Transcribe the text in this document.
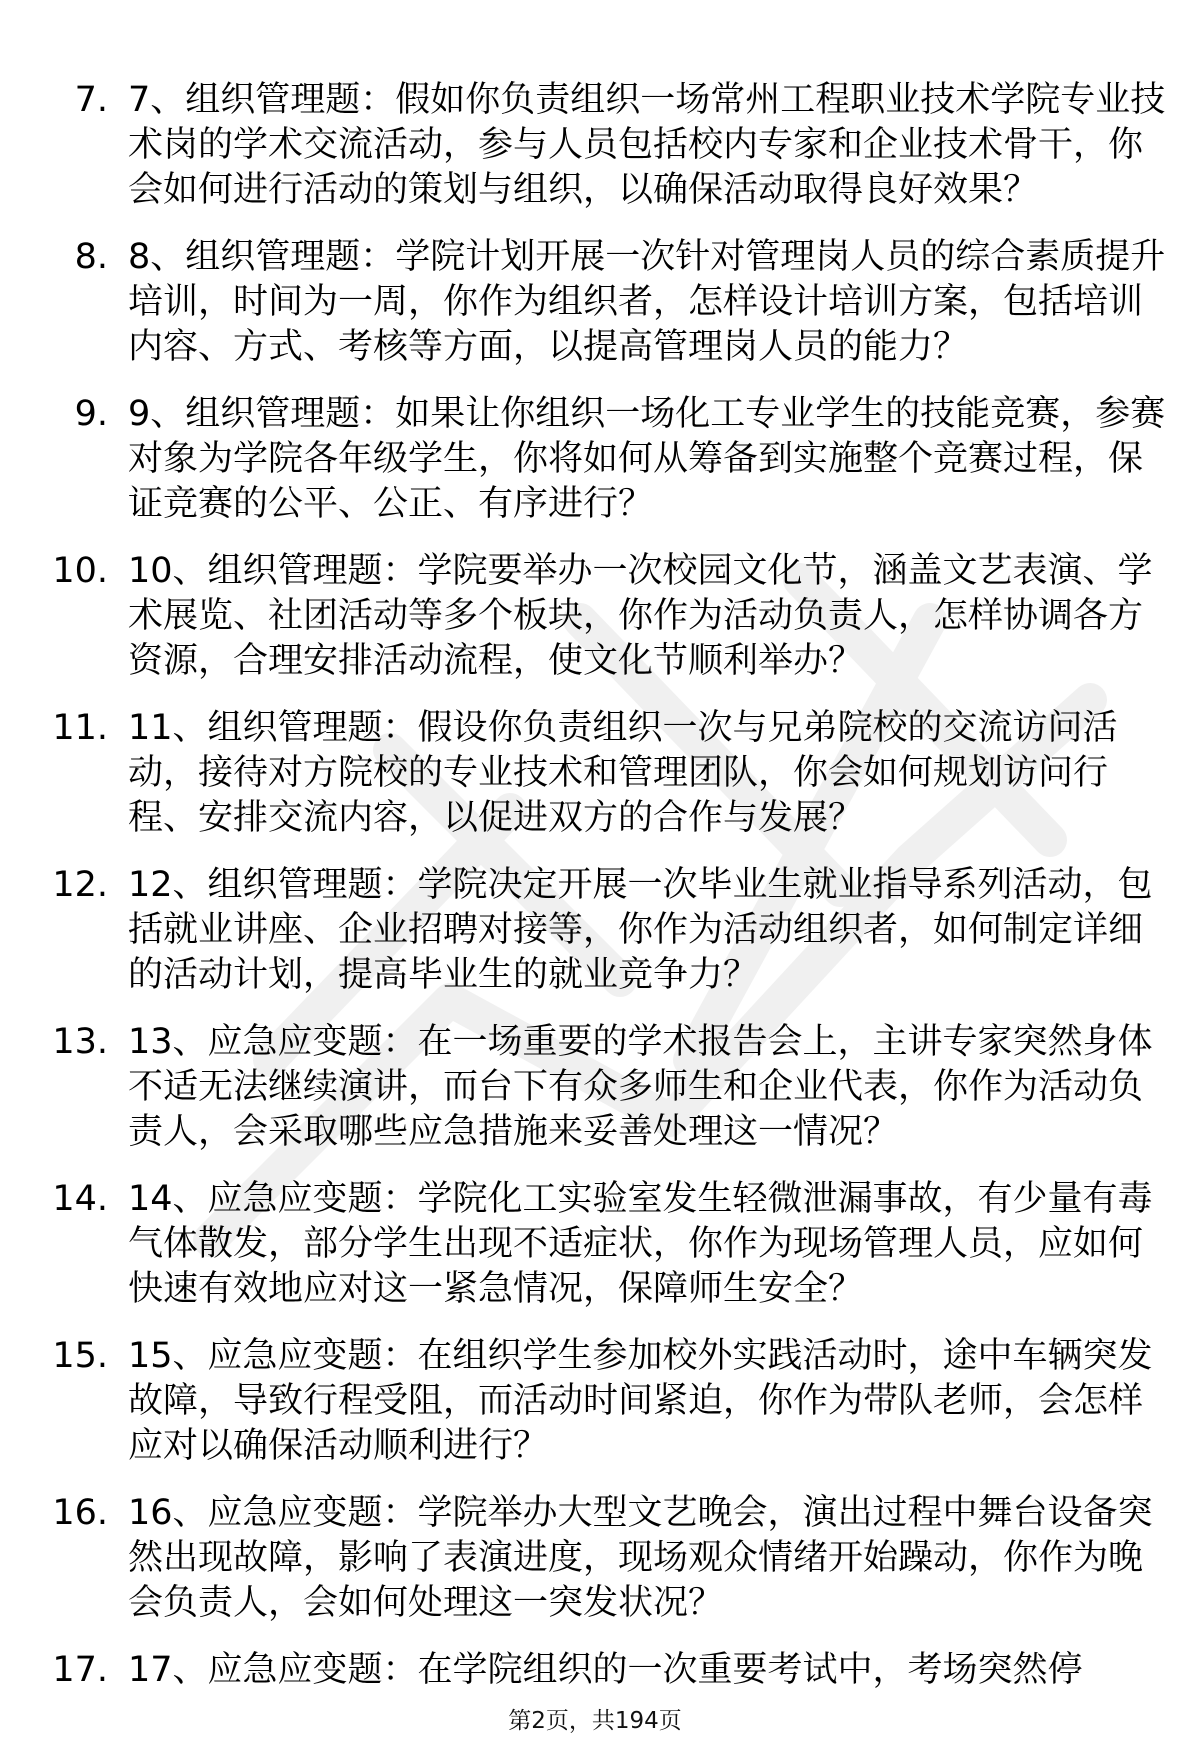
7. 7、组织管理题：假如你负责组织一场常州工程职业技术学院专业技术岗的学术交流活动，参与人员包括校内专家和企业技术骨干，你会如何进行活动的策划与组织，以确保活动取得良好效果？
8. 8、组织管理题：学院计划开展一次针对管理岗人员的综合素质提升培训，时间为一周，你作为组织者，怎样设计培训方案，包括培训内容、方式、考核等方面，以提高管理岗人员的能力？
9. 9、组织管理题：如果让你组织一场化工专业学生的技能竞赛，参赛对象为学院各年级学生，你将如何从筹备到实施整个竞赛过程，保证竞赛的公平、公正、有序进行？
10. 10、组织管理题：学院要举办一次校园文化节，涵盖文艺表演、学术展览、社团活动等多个板块，你作为活动负责人，怎样协调各方资源，合理安排活动流程，使文化节顺利举办？
11. 11、组织管理题：假设你负责组织一次与兄弟院校的交流访问活动，接待对方院校的专业技术和管理团队，你会如何规划访问行程、安排交流内容，以促进双方的合作与发展？
12. 12、组织管理题：学院决定开展一次毕业生就业指导系列活动，包括就业讲座、企业招聘对接等，你作为活动组织者，如何制定详细的活动计划，提高毕业生的就业竞争力？
13. 13、应急应变题：在一场重要的学术报告会上，主讲专家突然身体不适无法继续演讲，而台下有众多师生和企业代表，你作为活动负责人，会采取哪些应急措施来妥善处理这一情况？
14. 14、应急应变题：学院化工实验室发生轻微泄漏事故，有少量有毒气体散发，部分学生出现不适症状，你作为现场管理人员，应如何快速有效地应对这一紧急情况，保障师生安全？
15. 15、应急应变题：在组织学生参加校外实践活动时，途中车辆突发故障，导致行程受阻，而活动时间紧迫，你作为带队老师，会怎样应对以确保活动顺利进行？
16. 16、应急应变题：学院举办大型文艺晚会，演出过程中舞台设备突然出现故障，影响了表演进度，现场观众情绪开始躁动，你作为晚会负责人，会如何处理这一突发状况？
17. 17、应急应变题：在学院组织的一次重要考试中，考场突然停
第2页，共194页
